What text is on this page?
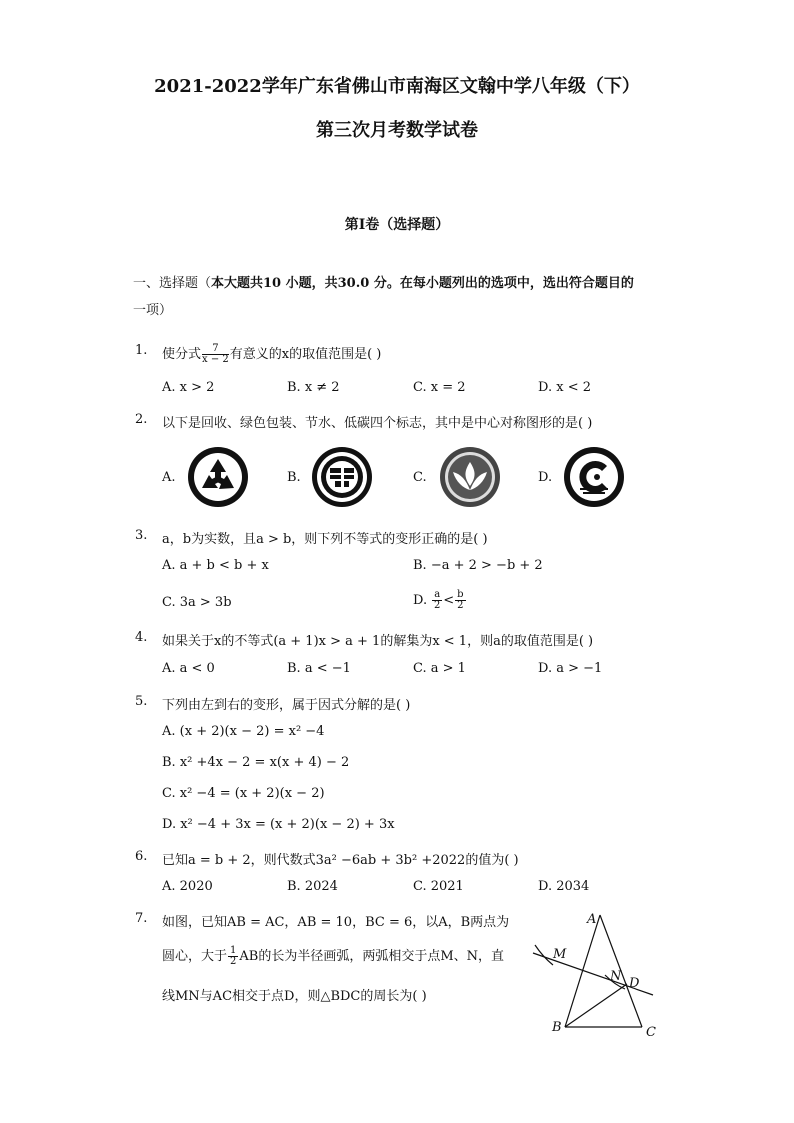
2021-2022学年广东省佛山市南海区文翰中学八年级（下）
第三次月考数学试卷
第I卷（选择题）
一、选择题（本大题共10 小题，共30.0 分。在每小题列出的选项中，选出符合题目的
一项）
1.	使分式 $\frac{7}{x - 2}$ 有意义的x的取值范围是( )
A. x > 2	B. x ≠ 2	C. x = 2	D. x < 2
2.	以下是回收、绿色包装、节水、低碳四个标志，其中是中心对称图形的是( )
A.	B.	C.	D.
3.	a，b为实数，且a > b，则下列不等式的变形正确的是( )
A. a + b < b + x	B. −a + 2 > −b + 2
C. 3a > 3b	D. $\frac{a}{2} < \frac{b}{2}$
4.	如果关于x的不等式(a + 1)x > a + 1的解集为x < 1，则a的取值范围是( )
A. a < 0	B. a < −1	C. a > 1	D. a > −1
5.	下列由左到右的变形，属于因式分解的是( )
A. (x + 2)(x − 2) = x² −4
B. x² +4x − 2 = x(x + 4) − 2
C. x² −4 = (x + 2)(x − 2)
D. x² −4 + 3x = (x + 2)(x − 2) + 3x
6.	已知a = b + 2，则代数式3a² −6ab + 3b² +2022的值为( )
A. 2020	B. 2024	C. 2021	D. 2034
7.	如图，已知AB = AC，AB = 10，BC = 6，以A，B两点为
圆心，大于 $\frac{1}{2}$ AB的长为半径画弧，两弧相交于点M、N，直
线MN与AC相交于点D，则△BDC的周长为( )
A
M
N D
B	C
